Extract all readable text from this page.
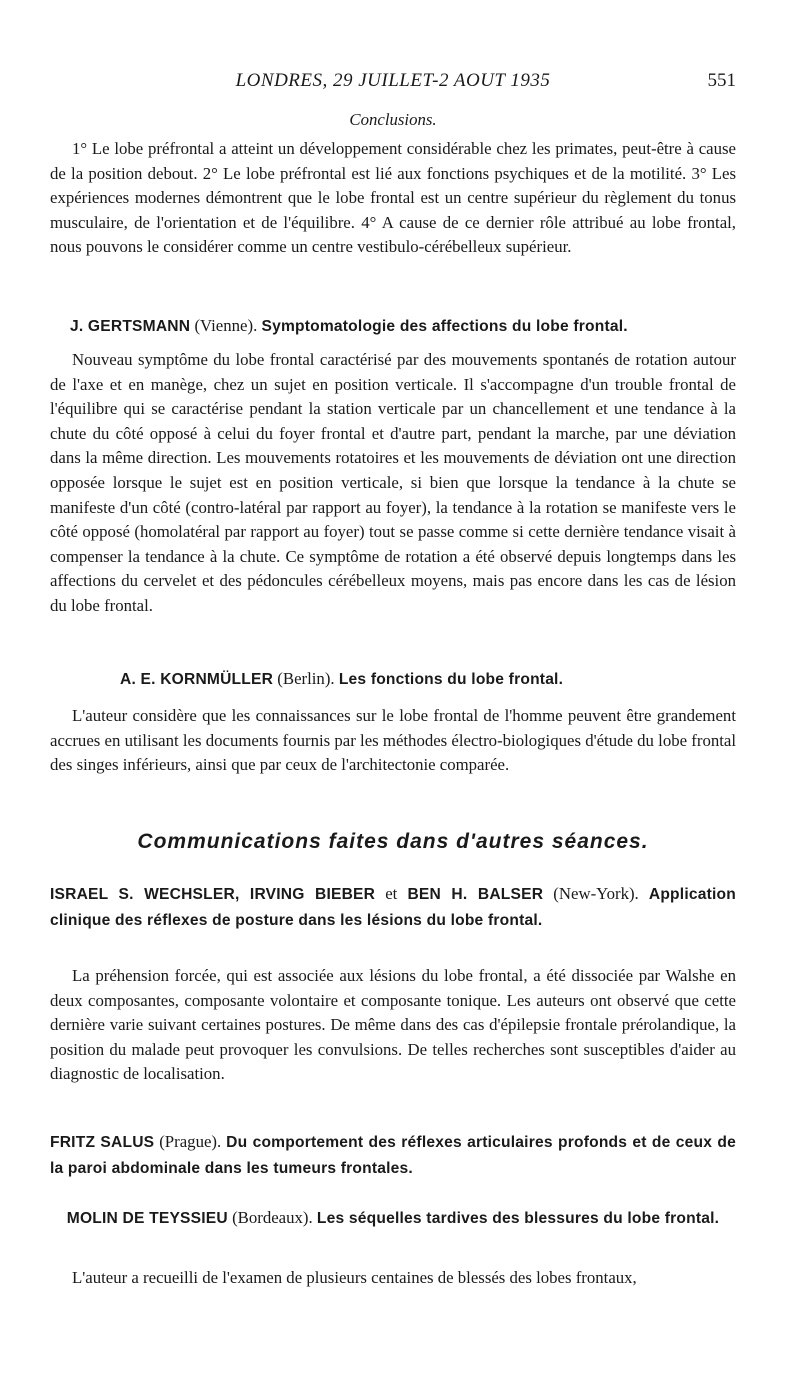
LONDRES, 29 JUILLET-2 AOUT 1935	551
Conclusions.
1° Le lobe préfrontal a atteint un développement considérable chez les primates, peut-être à cause de la position debout. 2° Le lobe préfrontal est lié aux fonctions psychiques et de la motilité. 3° Les expériences modernes démontrent que le lobe frontal est un centre supérieur du règlement du tonus musculaire, de l'orientation et de l'équilibre. 4° A cause de ce dernier rôle attribué au lobe frontal, nous pouvons le considérer comme un centre vestibulo-cérébelleux supérieur.
J. GERTSMANN (Vienne). Symptomatologie des affections du lobe frontal.
Nouveau symptôme du lobe frontal caractérisé par des mouvements spontanés de rotation autour de l'axe et en manège, chez un sujet en position verticale. Il s'accompagne d'un trouble frontal de l'équilibre qui se caractérise pendant la station verticale par un chancellement et une tendance à la chute du côté opposé à celui du foyer frontal et d'autre part, pendant la marche, par une déviation dans la même direction. Les mouvements rotatoires et les mouvements de déviation ont une direction opposée lorsque le sujet est en position verticale, si bien que lorsque la tendance à la chute se manifeste d'un côté (contro-latéral par rapport au foyer), la tendance à la rotation se manifeste vers le côté opposé (homolatéral par rapport au foyer) tout se passe comme si cette dernière tendance visait à compenser la tendance à la chute. Ce symptôme de rotation a été observé depuis longtemps dans les affections du cervelet et des pédoncules cérébelleux moyens, mais pas encore dans les cas de lésion du lobe frontal.
A. E. KORNMÜLLER (Berlin). Les fonctions du lobe frontal.
L'auteur considère que les connaissances sur le lobe frontal de l'homme peuvent être grandement accrues en utilisant les documents fournis par les méthodes électro-biologiques d'étude du lobe frontal des singes inférieurs, ainsi que par ceux de l'architectonie comparée.
Communications faites dans d'autres séances.
ISRAEL S. WECHSLER, IRVING BIEBER et BEN H. BALSER (New-York). Application clinique des réflexes de posture dans les lésions du lobe frontal.
La préhension forcée, qui est associée aux lésions du lobe frontal, a été dissociée par Walshe en deux composantes, composante volontaire et composante tonique. Les auteurs ont observé que cette dernière varie suivant certaines postures. De même dans des cas d'épilepsie frontale prérolandique, la position du malade peut provoquer les convulsions. De telles recherches sont susceptibles d'aider au diagnostic de localisation.
FRITZ SALUS (Prague). Du comportement des réflexes articulaires profonds et de ceux de la paroi abdominale dans les tumeurs frontales.
MOLIN DE TEYSSIEU (Bordeaux). Les séquelles tardives des blessures du lobe frontal.
L'auteur a recueilli de l'examen de plusieurs centaines de blessés des lobes frontaux,
